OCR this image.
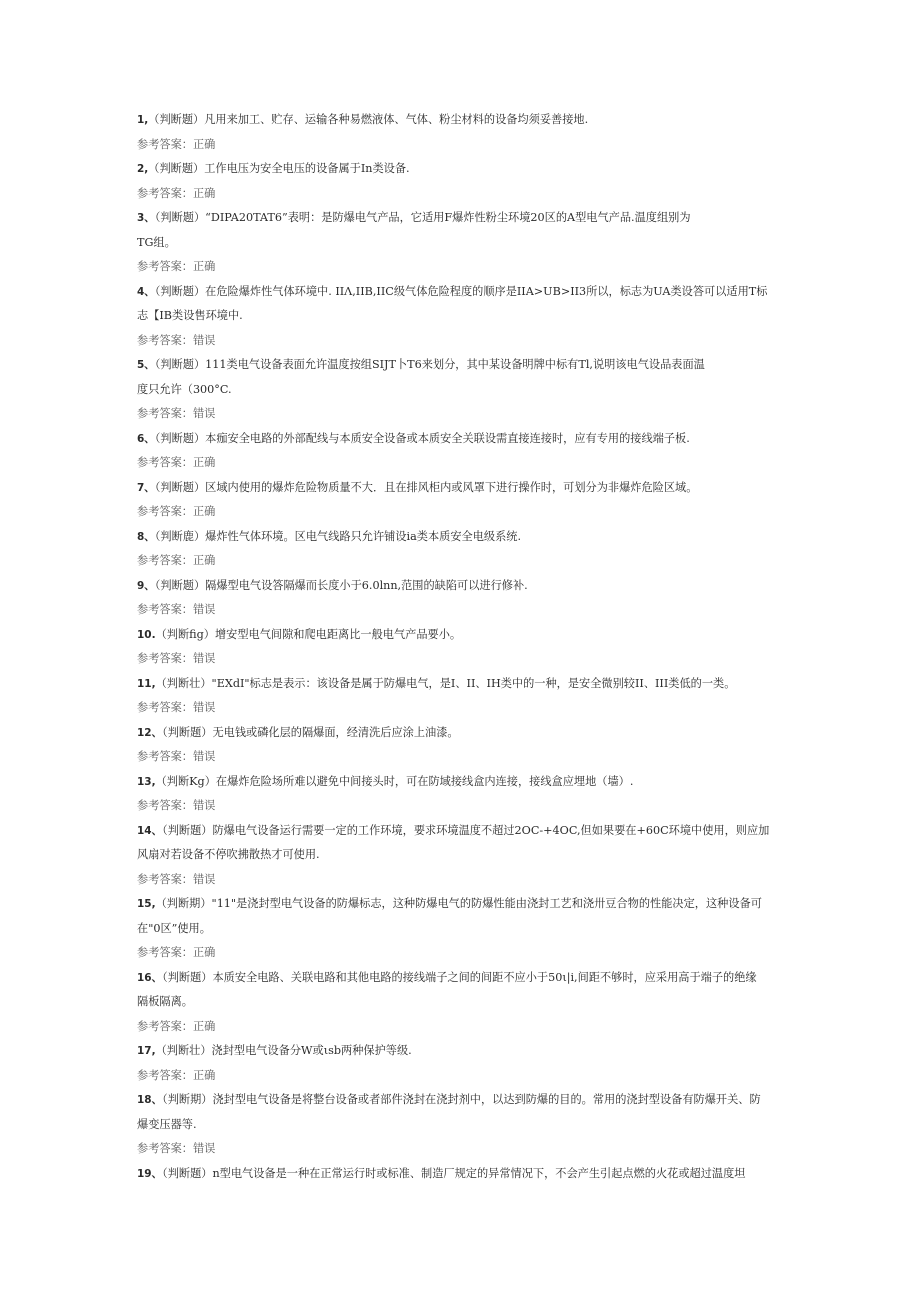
1,（判断题）凡用来加工、贮存、运输各种易燃液体、气体、粉尘材料的设备均须妥善接地.
参考答案：正确
2,（判断题）工作电压为安全电压的设备属于In类设备.
参考答案：正确
3、（判断题）“DIPA20TAT6”表明：是防爆电气产品，它适用F爆炸性粉尘环境20区的A型电气产品.温度组别为
TG组。
参考答案：正确
4、（判断题）在危险爆炸性气体环境中. IIΛ,IIB,IIC级气体危险程度的顺序是IIA>UB>II3所以，标志为UA类设答可以适用T标
志【IB类设售环境中.
参考答案：错误
5、（判断题）111类电气设备表面允许温度按组SIJT卜T6来划分，其中某设备明牌中标有Tl,说明该电气设品表面温
度只允许（300°C.
参考答案：错误
6、（判断题）本痂安全电路的外部配线与本质安全设备或本质安全关联设需直接连接时，应有专用的接线端子板.
参考答案：正确
7、（判断题）区域内使用的爆炸危险物质量不大．且在排风柜内或风罩下进行操作时，可划分为非爆炸危险区域。
参考答案：正确
8、（判断鹿）爆炸性气体环境。区电气线路只允许铺设ia类本质安全电级系统.
参考答案：正确
9、（判断题）隔爆型电气设答隔爆而长度小于6.0lnn,范围的缺陷可以进行修补.
参考答案：错误
10.（判断fig）增安型电气间隙和爬电距离比一般电气产品要小。
参考答案：错误
11,（判断壮）"EXdI"标志是表示：该设备是属于防爆电气，是I、II、IH类中的一种，是安全微别较II、III类低的一类。
参考答案：错误
12、（判断题）无电钱或磷化层的隔爆面，经清洗后应涂上油漆。
参考答案：错误
13,（判断Kg）在爆炸危险场所难以避免中间接头时，可在防域接线盒内连接，接线盒应埋地（墙）.
参考答案：错误
14、（判断题）防爆电气设备运行需要一定的工作环境，要求环境温度不超过2OC-+4OC,但如果要在+60C环境中使用，则应加
风扇对若设备不停吹拂散热才可使用.
参考答案：错误
15,（判断期）"11"是浇封型电气设备的防爆标志，这种防爆电气的防爆性能由浇封工艺和浇卅豆合物的性能决定，这种设备可
在"0区”使用。
参考答案：正确
16、（判断题）本质安全电路、关联电路和其他电路的接线端子之间的间距不应小于50ι|i,间距不够时，应采用高于端子的绝缘
隔板隔离。
参考答案：正确
17,（判断壮）浇封型电气设备分W或ιsb两种保护等级.
参考答案：正确
18、（判断期）浇封型电气设备是将整台设备或者部件浇封在浇封剂中，以达到防爆的目的。常用的浇封型设备有防爆开关、防
爆变压器等.
参考答案：错误
19、（判断题）n型电气设备是一种在正常运行时或标准、制造厂规定的异常情况下，不会产生引起点燃的火花或超过温度坦
